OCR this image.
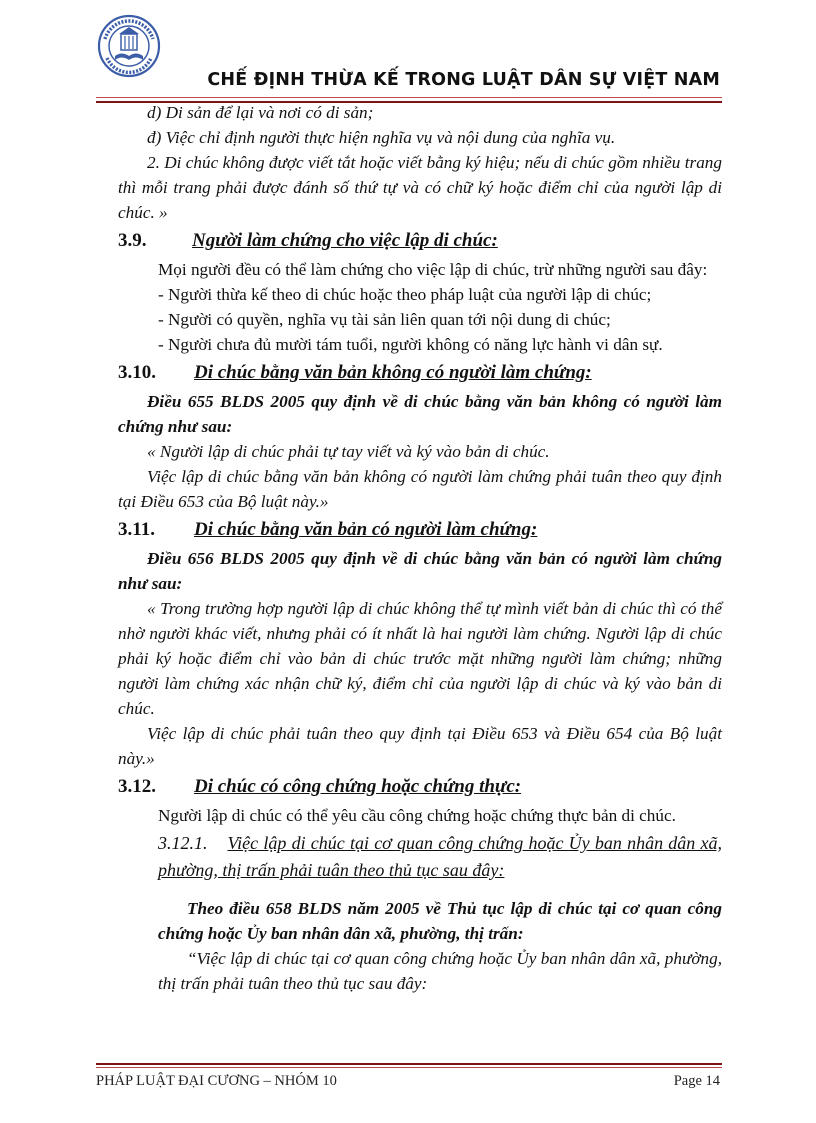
CHẾ ĐỊNH THỪA KẾ TRONG LUẬT DÂN SỰ VIỆT NAM

d) Di sản để lại và nơi có di sản;

đ) Việc chỉ định người thực hiện nghĩa vụ và nội dung của nghĩa vụ.

2. Di chúc không được viết tắt hoặc viết bằng ký hiệu; nếu di chúc gồm nhiều trang thì mỗi trang phải được đánh số thứ tự và có chữ ký hoặc điểm chỉ của người lập di chúc. »

3.9.	Người làm chứng cho việc lập di chúc:

Mọi người đều có thể làm chứng cho việc lập di chúc, trừ những người sau đây:

- Người thừa kế theo di chúc hoặc theo pháp luật của người lập di chúc;

- Người có quyền, nghĩa vụ tài sản liên quan tới nội dung di chúc;

- Người chưa đủ mười tám tuổi, người không có năng lực hành vi dân sự.

3.10.	Di chúc bằng văn bản không có người làm chứng:

Điều 655 BLDS 2005 quy định về di chúc bằng văn bản không có người làm chứng như sau:

« Người lập di chúc phải tự tay viết và ký vào bản di chúc.

Việc lập di chúc bằng văn bản không có người làm chứng phải tuân theo quy định tại Điều 653 của Bộ luật này.»

3.11.	Di chúc bằng văn bản có người làm chứng:

Điều 656 BLDS 2005 quy định về di chúc bằng văn bản có người làm chứng như sau:

« Trong trường hợp người lập di chúc không thể tự mình viết bản di chúc thì có thể nhờ người khác viết, nhưng phải có ít nhất là hai người làm chứng. Người lập di chúc phải ký hoặc điểm chỉ vào bản di chúc trước mặt những người làm chứng; những người làm chứng xác nhận chữ ký, điểm chỉ của người lập di chúc và ký vào bản di chúc.

Việc lập di chúc phải tuân theo quy định tại Điều 653 và Điều 654 của Bộ luật này.»

3.12.	Di chúc có công chứng hoặc chứng thực:

Người lập di chúc có thể yêu cầu công chứng hoặc chứng thực bản di chúc.

3.12.1. Việc lập di chúc tại cơ quan công chứng hoặc Ủy ban nhân dân xã, phường, thị trấn phải tuân theo thủ tục sau đây:

Theo điều 658 BLDS năm 2005 về Thủ tục lập di chúc tại cơ quan công chứng hoặc Ủy ban nhân dân xã, phường, thị trấn:

“Việc lập di chúc tại cơ quan công chứng hoặc Ủy ban nhân dân xã, phường, thị trấn phải tuân theo thủ tục sau đây:

PHÁP LUẬT ĐẠI CƯƠNG – NHÓM 10	Page 14
